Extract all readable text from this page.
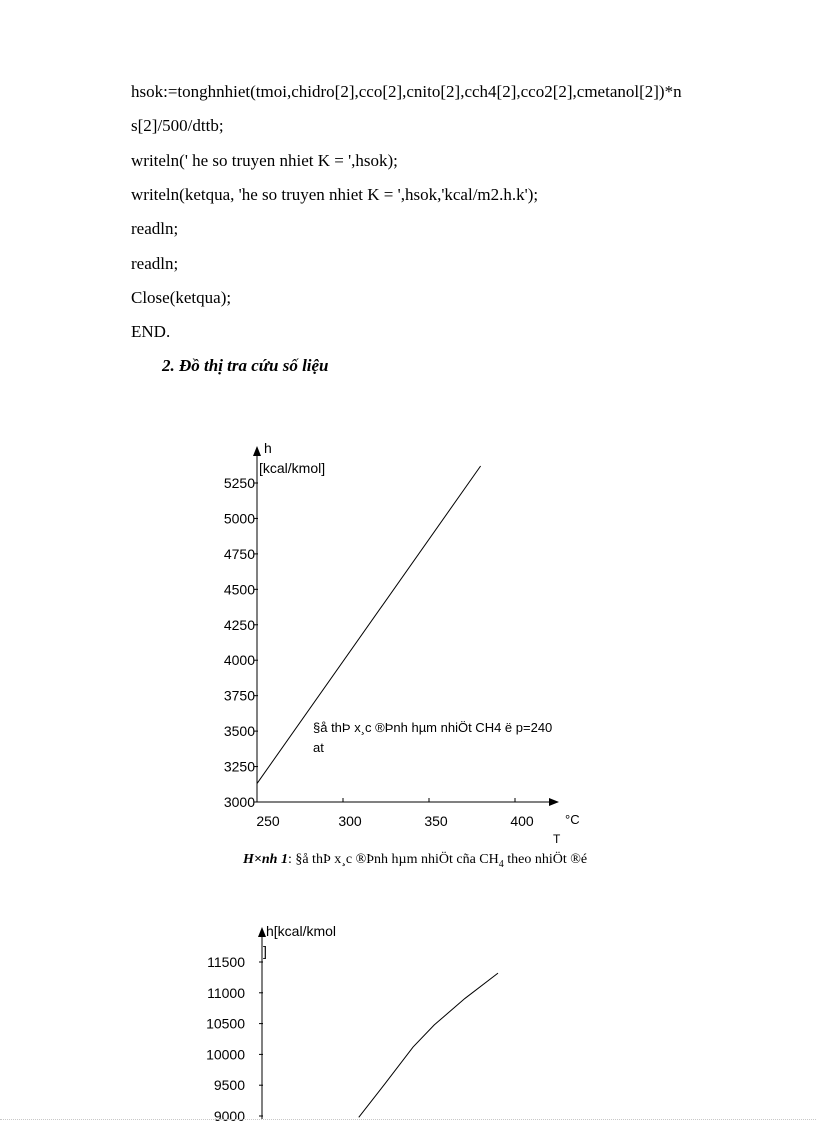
hsok:=tonghnhiet(tmoi,chidro[2],cco[2],cnito[2],cch4[2],cco2[2],cmetanol[2])*n
s[2]/500/dttb;
writeln(' he so truyen nhiet K = ',hsok);
writeln(ketqua, 'he so truyen nhiet K = ',hsok,'kcal/m2.h.k');
readln;
readln;
Close(ketqua);
END.
2. Đồ thị tra cứu số liệu
3000
3250
3500
3750
4000
4250
4500
4750
5000
5250
250	300	350	400
h
[kcal/kmol]
°C
T
§å thÞ x¸c ®Þnh hµm nhiÖt CH4 ë p=240
at
H×nh 1: §å thÞ x¸c ®Þnh hµm nhiÖt cña $CH_4$ theo nhiÖt ®é
9000
9500
10000
10500
11000
11500
h[kcal/kmol
]
